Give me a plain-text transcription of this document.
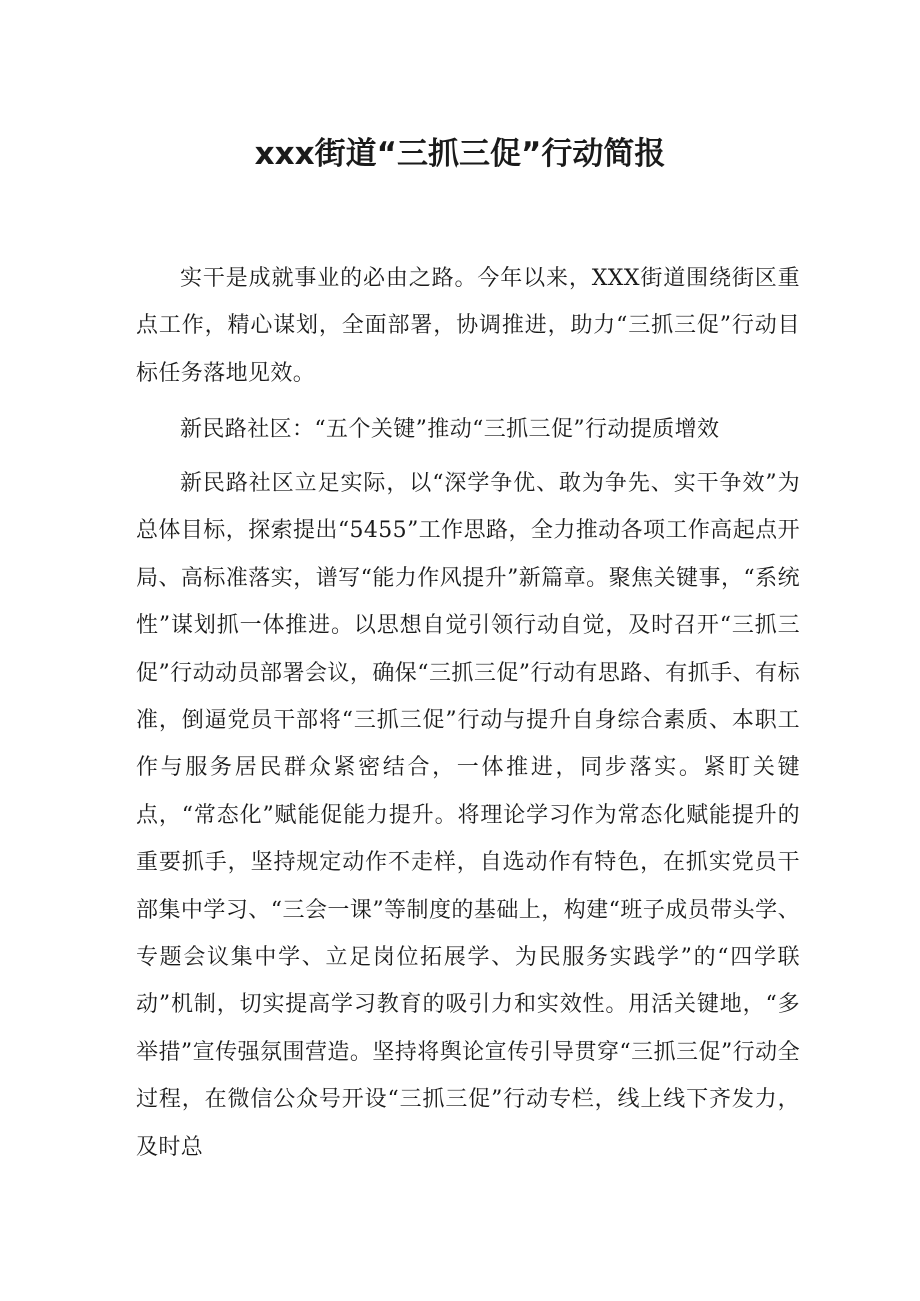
xxx街道“三抓三促”行动简报

实干是成就事业的必由之路。今年以来，XXX街道围绕街区重点工作，精心谋划，全面部署，协调推进，助力“三抓三促”行动目标任务落地见效。

新民路社区：“五个关键”推动“三抓三促”行动提质增效

新民路社区立足实际，以“深学争优、敢为争先、实干争效”为总体目标，探索提出“5455”工作思路，全力推动各项工作高起点开局、高标准落实，谱写“能力作风提升”新篇章。聚焦关键事，“系统性”谋划抓一体推进。以思想自觉引领行动自觉，及时召开“三抓三促”行动动员部署会议，确保“三抓三促”行动有思路、有抓手、有标准，倒逼党员干部将“三抓三促”行动与提升自身综合素质、本职工作与服务居民群众紧密结合，一体推进，同步落实。紧盯关键点，“常态化”赋能促能力提升。将理论学习作为常态化赋能提升的重要抓手，坚持规定动作不走样，自选动作有特色，在抓实党员干部集中学习、“三会一课”等制度的基础上，构建“班子成员带头学、专题会议集中学、立足岗位拓展学、为民服务实践学”的“四学联动”机制，切实提高学习教育的吸引力和实效性。用活关键地，“多举措”宣传强氛围营造。坚持将舆论宣传引导贯穿“三抓三促”行动全过程，在微信公众号开设“三抓三促”行动专栏，线上线下齐发力，及时总
